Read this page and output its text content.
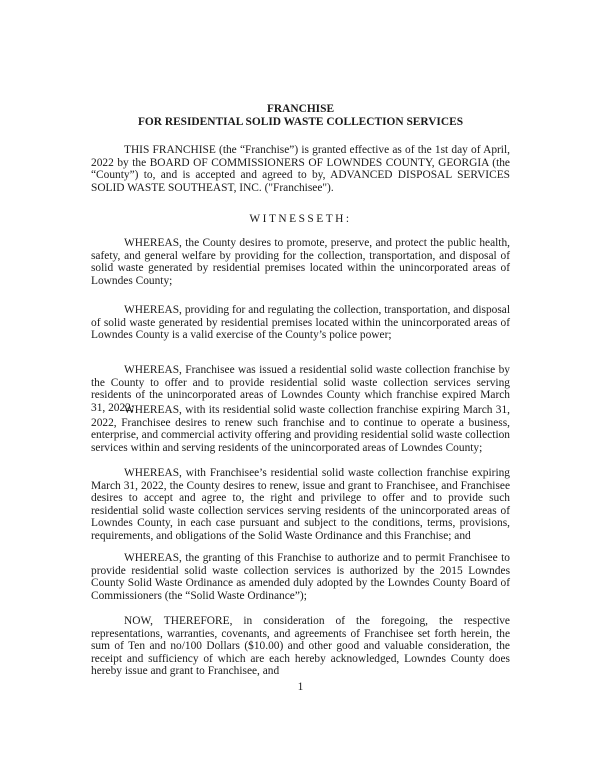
FRANCHISE
FOR RESIDENTIAL SOLID WASTE COLLECTION SERVICES
THIS FRANCHISE (the “Franchise”) is granted effective as of the 1st day of April, 2022 by the BOARD OF COMMISSIONERS OF LOWNDES COUNTY, GEORGIA (the “County”) to, and is accepted and agreed to by, ADVANCED DISPOSAL SERVICES SOLID WASTE SOUTHEAST, INC. ("Franchisee").
WITNESSETH:
WHEREAS, the County desires to promote, preserve, and protect the public health, safety, and general welfare by providing for the collection, transportation, and disposal of solid waste generated by residential premises located within the unincorporated areas of Lowndes County;
WHEREAS, providing for and regulating the collection, transportation, and disposal of solid waste generated by residential premises located within the unincorporated areas of Lowndes County is a valid exercise of the County’s police power;
WHEREAS, Franchisee was issued a residential solid waste collection franchise by the County to offer and to provide residential solid waste collection services serving residents of the unincorporated areas of Lowndes County which franchise expired March 31, 2022;
WHEREAS, with its residential solid waste collection franchise expiring March 31, 2022, Franchisee desires to renew such franchise and to continue to operate a business, enterprise, and commercial activity offering and providing residential solid waste collection services within and serving residents of the unincorporated areas of Lowndes County;
WHEREAS, with Franchisee’s residential solid waste collection franchise expiring March 31, 2022, the County desires to renew, issue and grant to Franchisee, and Franchisee desires to accept and agree to, the right and privilege to offer and to provide such residential solid waste collection services serving residents of the unincorporated areas of Lowndes County, in each case pursuant and subject to the conditions, terms, provisions, requirements, and obligations of the Solid Waste Ordinance and this Franchise; and
WHEREAS, the granting of this Franchise to authorize and to permit Franchisee to provide residential solid waste collection services is authorized by the 2015 Lowndes County Solid Waste Ordinance as amended duly adopted by the Lowndes County Board of Commissioners (the “Solid Waste Ordinance”);
NOW, THEREFORE, in consideration of the foregoing, the respective representations, warranties, covenants, and agreements of Franchisee set forth herein, the sum of Ten and no/100 Dollars ($10.00) and other good and valuable consideration, the receipt and sufficiency of which are each hereby acknowledged, Lowndes County does hereby issue and grant to Franchisee, and
1
